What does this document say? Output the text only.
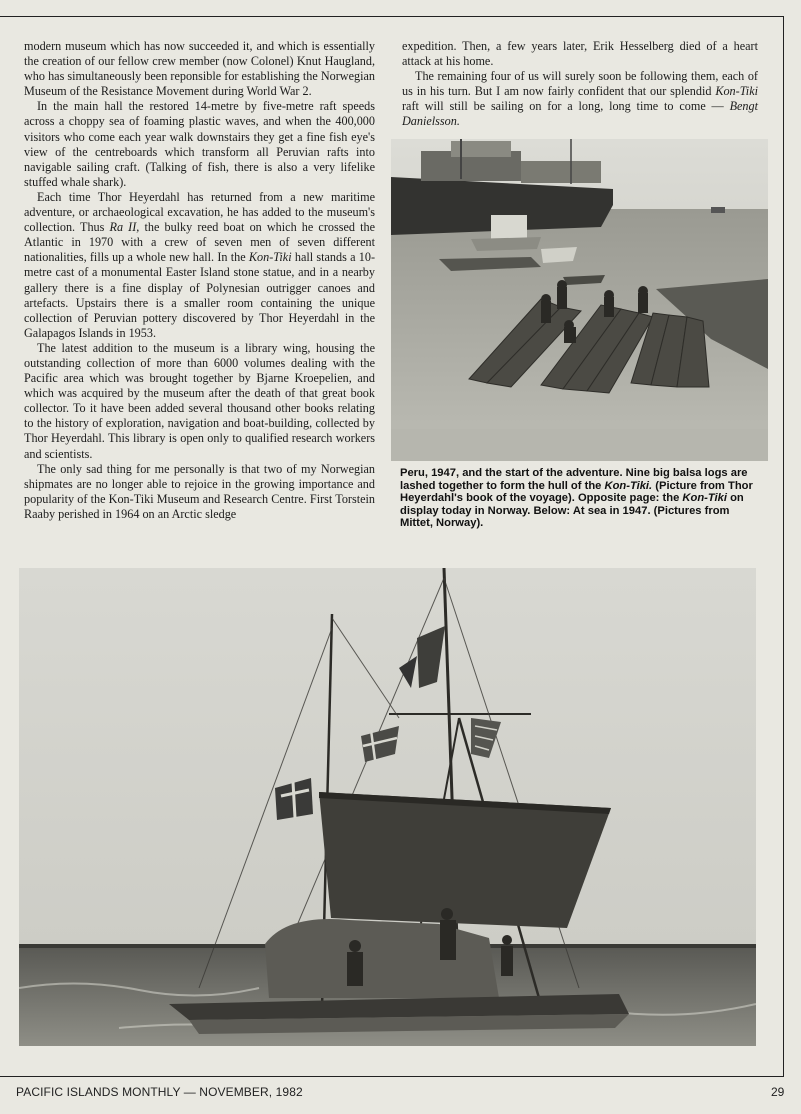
modern museum which has now succeeded it, and which is essentially the creation of our fellow crew member (now Colonel) Knut Haugland, who has simultaneously been reponsible for establishing the Norwegian Museum of the Resistance Movement during World War 2.

In the main hall the restored 14-metre by five-metre raft speeds across a choppy sea of foaming plastic waves, and when the 400,000 visitors who come each year walk downstairs they get a fine fish eye's view of the centreboards which transform all Peruvian rafts into navigable sailing craft. (Talking of fish, there is also a very lifelike stuffed whale shark).

Each time Thor Heyerdahl has returned from a new maritime adventure, or archaeological excavation, he has added to the museum's collection. Thus Ra II, the bulky reed boat on which he crossed the Atlantic in 1970 with a crew of seven men of seven different nationalities, fills up a whole new hall. In the Kon-Tiki hall stands a 10-metre cast of a monumental Easter Island stone statue, and in a nearby gallery there is a fine display of Polynesian outrigger canoes and artefacts. Upstairs there is a smaller room containing the unique collection of Peruvian pottery discovered by Thor Heyerdahl in the Galapagos Islands in 1953.

The latest addition to the museum is a library wing, housing the outstanding collection of more than 6000 volumes dealing with the Pacific area which was brought together by Bjarne Kroepelien, and which was acquired by the museum after the death of that great book collector. To it have been added several thousand other books relating to the history of exploration, navigation and boat-building, collected by Thor Heyerdahl. This library is open only to qualified research workers and scientists.

The only sad thing for me personally is that two of my Norwegian shipmates are no longer able to rejoice in the growing importance and popularity of the Kon-Tiki Museum and Research Centre. First Torstein Raaby perished in 1964 on an Arctic sledge

expedition. Then, a few years later, Erik Hesselberg died of a heart attack at his home.

The remaining four of us will surely soon be following them, each of us in his turn. But I am now fairly confident that our splendid Kon-Tiki raft will still be sailing on for a long, long time to come — Bengt Danielsson.

Peru, 1947, and the start of the adventure. Nine big balsa logs are lashed together to form the hull of the Kon-Tiki. (Picture from Thor Heyerdahl's book of the voyage). Opposite page: the Kon-Tiki on display today in Norway. Below: At sea in 1947. (Pictures from Mittet, Norway).
PACIFIC ISLANDS MONTHLY — NOVEMBER, 1982	29
